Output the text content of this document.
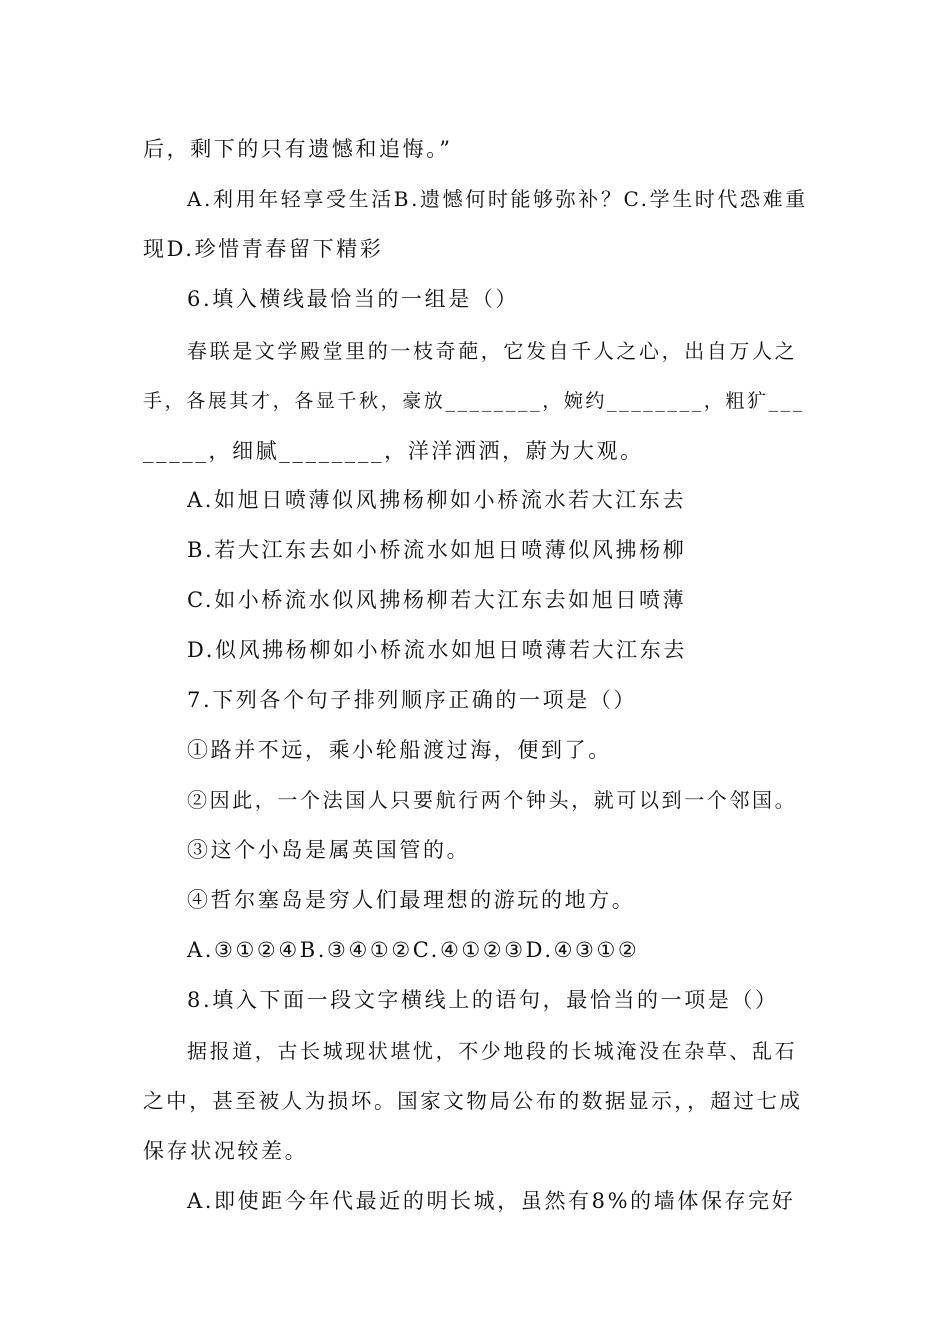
后，剩下的只有遗憾和追悔。”
A.利用年轻享受生活B.遗憾何时能够弥补？C.学生时代恐难重
现D.珍惜青春留下精彩
6.填入横线最恰当的一组是（）
春联是文学殿堂里的一枝奇葩，它发自千人之心，出自万人之
手，各展其才，各显千秋，豪放________，婉约________，粗犷___
_____，细腻________，洋洋洒洒，蔚为大观。
A.如旭日喷薄似风拂杨柳如小桥流水若大江东去
B.若大江东去如小桥流水如旭日喷薄似风拂杨柳
C.如小桥流水似风拂杨柳若大江东去如旭日喷薄
D.似风拂杨柳如小桥流水如旭日喷薄若大江东去
7.下列各个句子排列顺序正确的一项是（）
①路并不远，乘小轮船渡过海，便到了。
②因此，一个法国人只要航行两个钟头，就可以到一个邻国。
③这个小岛是属英国管的。
④哲尔塞岛是穷人们最理想的游玩的地方。
A.③①②④B.③④①②C.④①②③D.④③①②
8.填入下面一段文字横线上的语句，最恰当的一项是（）
据报道，古长城现状堪忧，不少地段的长城淹没在杂草、乱石
之中，甚至被人为损坏。国家文物局公布的数据显示，，超过七成
保存状况较差。
A.即使距今年代最近的明长城，虽然有8%的墙体保存完好
